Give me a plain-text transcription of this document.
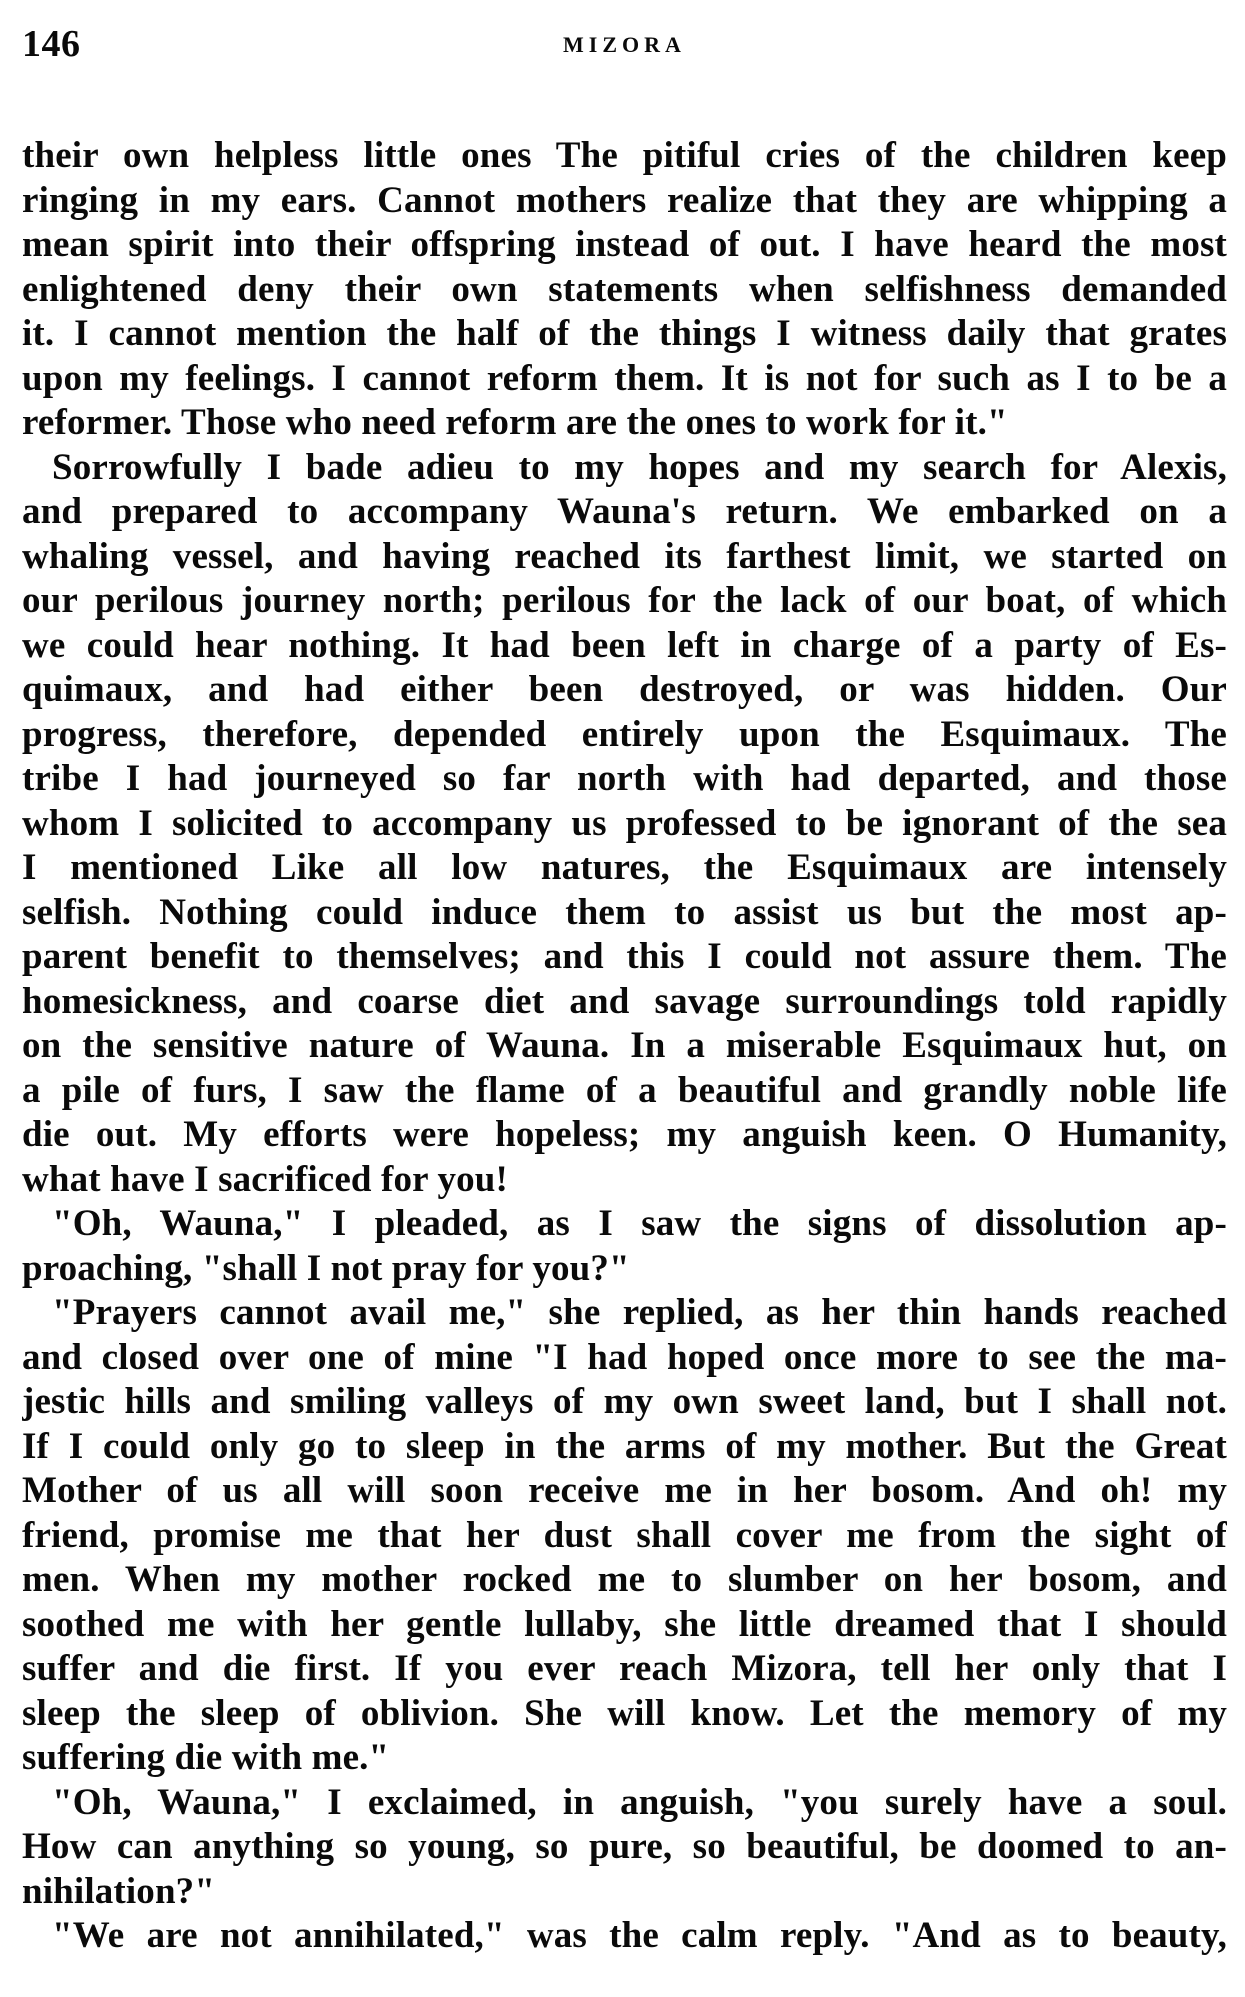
146	MIZORA
their own helpless little ones The pitiful cries of the children keep
ringing in my ears. Cannot mothers realize that they are whipping a
mean spirit into their offspring instead of out. I have heard the most
enlightened deny their own statements when selfishness demanded
it. I cannot mention the half of the things I witness daily that grates
upon my feelings. I cannot reform them. It is not for such as I to be a
reformer. Those who need reform are the ones to work for it."
Sorrowfully I bade adieu to my hopes and my search for Alexis,
and prepared to accompany Wauna's return. We embarked on a
whaling vessel, and having reached its farthest limit, we started on
our perilous journey north; perilous for the lack of our boat, of which
we could hear nothing. It had been left in charge of a party of Es-
quimaux, and had either been destroyed, or was hidden. Our
progress, therefore, depended entirely upon the Esquimaux. The
tribe I had journeyed so far north with had departed, and those
whom I solicited to accompany us professed to be ignorant of the sea
I mentioned Like all low natures, the Esquimaux are intensely
selfish. Nothing could induce them to assist us but the most ap-
parent benefit to themselves; and this I could not assure them. The
homesickness, and coarse diet and savage surroundings told rapidly
on the sensitive nature of Wauna. In a miserable Esquimaux hut, on
a pile of furs, I saw the flame of a beautiful and grandly noble life
die out. My efforts were hopeless; my anguish keen. O Humanity,
what have I sacrificed for you!
"Oh, Wauna," I pleaded, as I saw the signs of dissolution ap-
proaching, "shall I not pray for you?"
"Prayers cannot avail me," she replied, as her thin hands reached
and closed over one of mine "I had hoped once more to see the ma-
jestic hills and smiling valleys of my own sweet land, but I shall not.
If I could only go to sleep in the arms of my mother. But the Great
Mother of us all will soon receive me in her bosom. And oh! my
friend, promise me that her dust shall cover me from the sight of
men. When my mother rocked me to slumber on her bosom, and
soothed me with her gentle lullaby, she little dreamed that I should
suffer and die first. If you ever reach Mizora, tell her only that I
sleep the sleep of oblivion. She will know. Let the memory of my
suffering die with me."
"Oh, Wauna," I exclaimed, in anguish, "you surely have a soul.
How can anything so young, so pure, so beautiful, be doomed to an-
nihilation?"
"We are not annihilated," was the calm reply. "And as to beauty,
